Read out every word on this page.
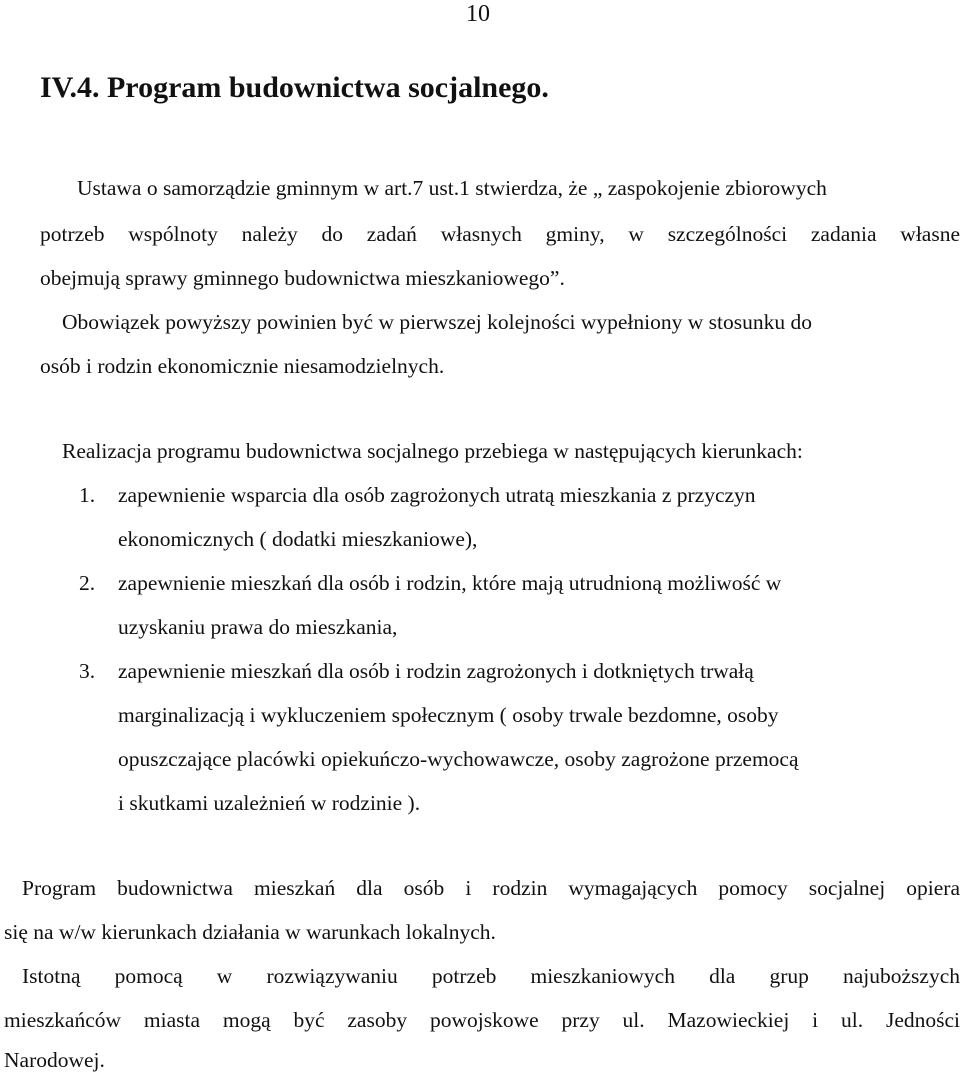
10
IV.4. Program budownictwa socjalnego.
Ustawa o samorządzie gminnym w art.7 ust.1 stwierdza, że „ zaspokojenie zbiorowych
potrzeb wspólnoty należy do zadań własnych gminy, w szczególności zadania własne
obejmują sprawy gminnego budownictwa mieszkaniowego”.
Obowiązek powyższy powinien być w pierwszej kolejności wypełniony w stosunku do
osób i rodzin ekonomicznie niesamodzielnych.
Realizacja programu budownictwa socjalnego przebiega w następujących kierunkach:
1. zapewnienie wsparcia dla osób zagrożonych utratą mieszkania z przyczyn
ekonomicznych ( dodatki mieszkaniowe),
2. zapewnienie mieszkań dla osób i rodzin, które mają utrudnioną możliwość w
uzyskaniu prawa do mieszkania,
3. zapewnienie mieszkań dla osób i rodzin zagrożonych i dotkniętych trwałą
marginalizacją i wykluczeniem społecznym ( osoby trwale bezdomne, osoby
opuszczające placówki opiekuńczo-wychowawcze, osoby zagrożone przemocą
i skutkami uzależnień w rodzinie ).
Program budownictwa mieszkań dla osób i rodzin wymagających pomocy socjalnej opiera
się na w/w kierunkach działania w warunkach lokalnych.
Istotną pomocą w rozwiązywaniu potrzeb mieszkaniowych dla grup najuboższych
mieszkańców miasta mogą być zasoby powojskowe przy ul. Mazowieckiej i ul. Jedności
Narodowej.
